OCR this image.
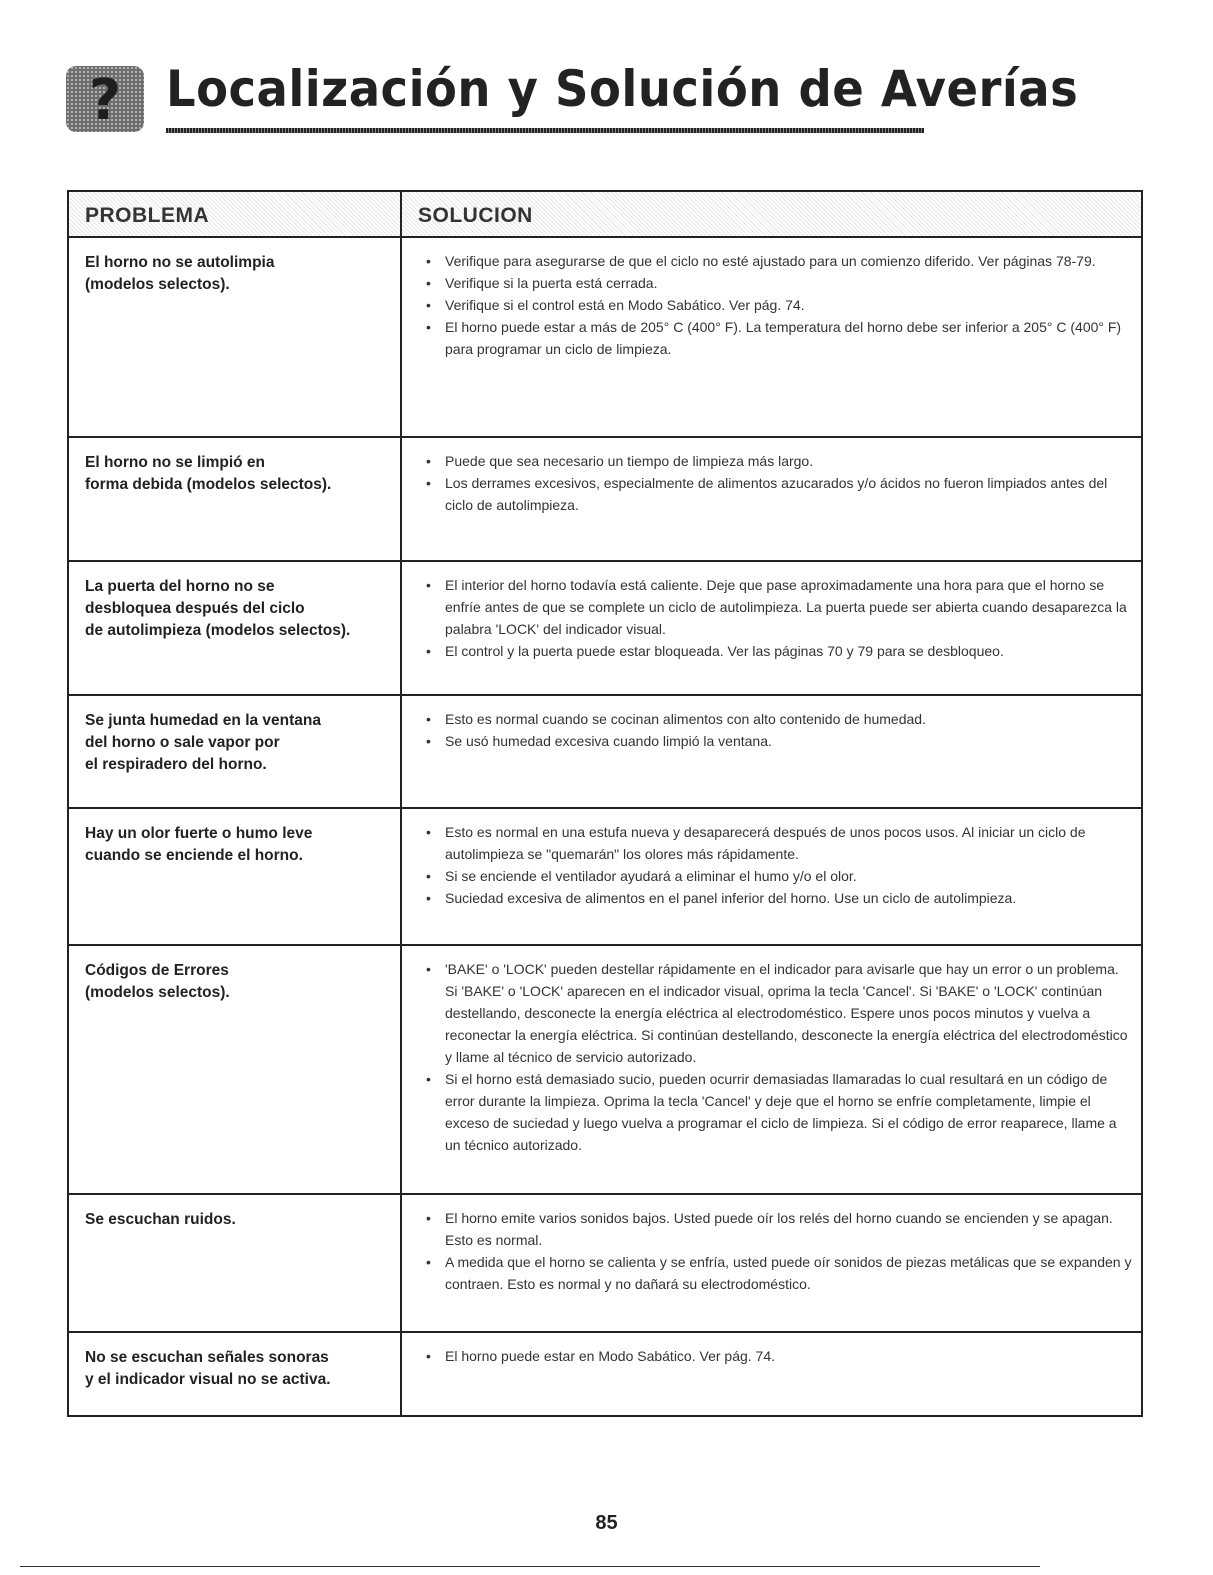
? Localización y Solución de Averías
PROBLEMA	SOLUCION
El horno no se autolimpia
(modelos selectos).
• Verifique para asegurarse de que el ciclo no esté ajustado para un comienzo diferido. Ver páginas 78-79.
• Verifique si la puerta está cerrada.
• Verifique si el control está en Modo Sabático. Ver pág. 74.
• El horno puede estar a más de 205° C (400° F). La temperatura del horno debe ser inferior a 205° C (400° F) para programar un ciclo de limpieza.
El horno no se limpió en
forma debida (modelos selectos).
• Puede que sea necesario un tiempo de limpieza más largo.
• Los derrames excesivos, especialmente de alimentos azucarados y/o ácidos no fueron limpiados antes del ciclo de autolimpieza.
La puerta del horno no se
desbloquea después del ciclo
de autolimpieza (modelos selectos).
• El interior del horno todavía está caliente. Deje que pase aproximadamente una hora para que el horno se enfríe antes de que se complete un ciclo de autolimpieza. La puerta puede ser abierta cuando desaparezca la palabra 'LOCK' del indicador visual.
• El control y la puerta puede estar bloqueada. Ver las páginas 70 y 79 para se desbloqueo.
Se junta humedad en la ventana
del horno o sale vapor por
el respiradero del horno.
• Esto es normal cuando se cocinan alimentos con alto contenido de humedad.
• Se usó humedad excesiva cuando limpió la ventana.
Hay un olor fuerte o humo leve
cuando se enciende el horno.
• Esto es normal en una estufa nueva y desaparecerá después de unos pocos usos. Al iniciar un ciclo de autolimpieza se "quemarán" los olores más rápidamente.
• Si se enciende el ventilador ayudará a eliminar el humo y/o el olor.
• Suciedad excesiva de alimentos en el panel inferior del horno. Use un ciclo de autolimpieza.
Códigos de Errores
(modelos selectos).
• 'BAKE' o 'LOCK' pueden destellar rápidamente en el indicador para avisarle que hay un error o un problema. Si 'BAKE' o 'LOCK' aparecen en el indicador visual, oprima la tecla 'Cancel'. Si 'BAKE' o 'LOCK' continúan destellando, desconecte la energía eléctrica al electrodoméstico. Espere unos pocos minutos y vuelva a reconectar la energía eléctrica. Si continúan destellando, desconecte la energía eléctrica del electrodoméstico y llame al técnico de servicio autorizado.
• Si el horno está demasiado sucio, pueden ocurrir demasiadas llamaradas lo cual resultará en un código de error durante la limpieza. Oprima la tecla 'Cancel' y deje que el horno se enfríe completamente, limpie el exceso de suciedad y luego vuelva a programar el ciclo de limpieza. Si el código de error reaparece, llame a un técnico autorizado.
Se escuchan ruidos.
•	El horno emite varios sonidos bajos. Usted puede oír los relés del horno cuando se encienden y se apagan. Esto es normal.
• A medida que el horno se calienta y se enfría, usted puede oír sonidos de piezas metálicas que se expanden y contraen. Esto es normal y no dañará su electrodoméstico.
No se escuchan señales sonoras
y el indicador visual no se activa.
• El horno puede estar en Modo Sabático. Ver pág. 74.
85
